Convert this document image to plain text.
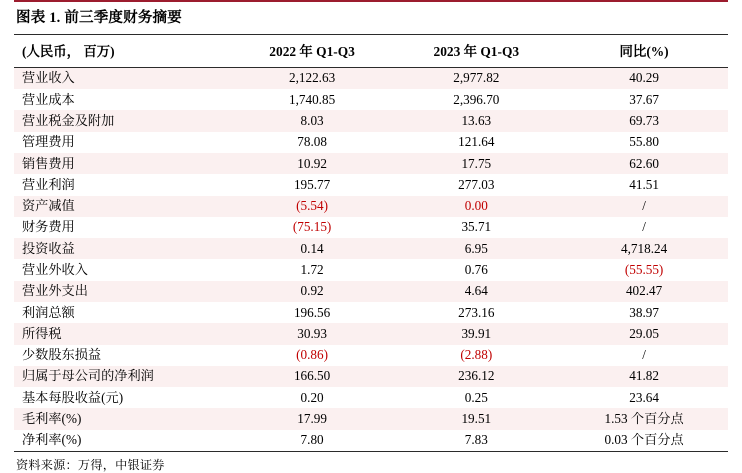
图表 1. 前三季度财务摘要
(人民币， 百万)	2022 年 Q1-Q3	2023 年 Q1-Q3	同比(%)
营业收入	2,122.63	2,977.82	40.29
营业成本	1,740.85	2,396.70	37.67
营业税金及附加	8.03	13.63	69.73
管理费用	78.08	121.64	55.80
销售费用	10.92	17.75	62.60
营业利润	195.77	277.03	41.51
资产减值	(5.54)	0.00	/
财务费用	(75.15)	35.71	/
投资收益	0.14	6.95	4,718.24
营业外收入	1.72	0.76	(55.55)
营业外支出	0.92	4.64	402.47
利润总额	196.56	273.16	38.97
所得税	30.93	39.91	29.05
少数股东损益	(0.86)	(2.88)	/
归属于母公司的净利润	166.50	236.12	41.82
基本每股收益(元)	0.20	0.25	23.64
毛利率(%)	17.99	19.51	1.53 个百分点
净利率(%)	7.80	7.83	0.03 个百分点
资料来源：万得，中银证券
